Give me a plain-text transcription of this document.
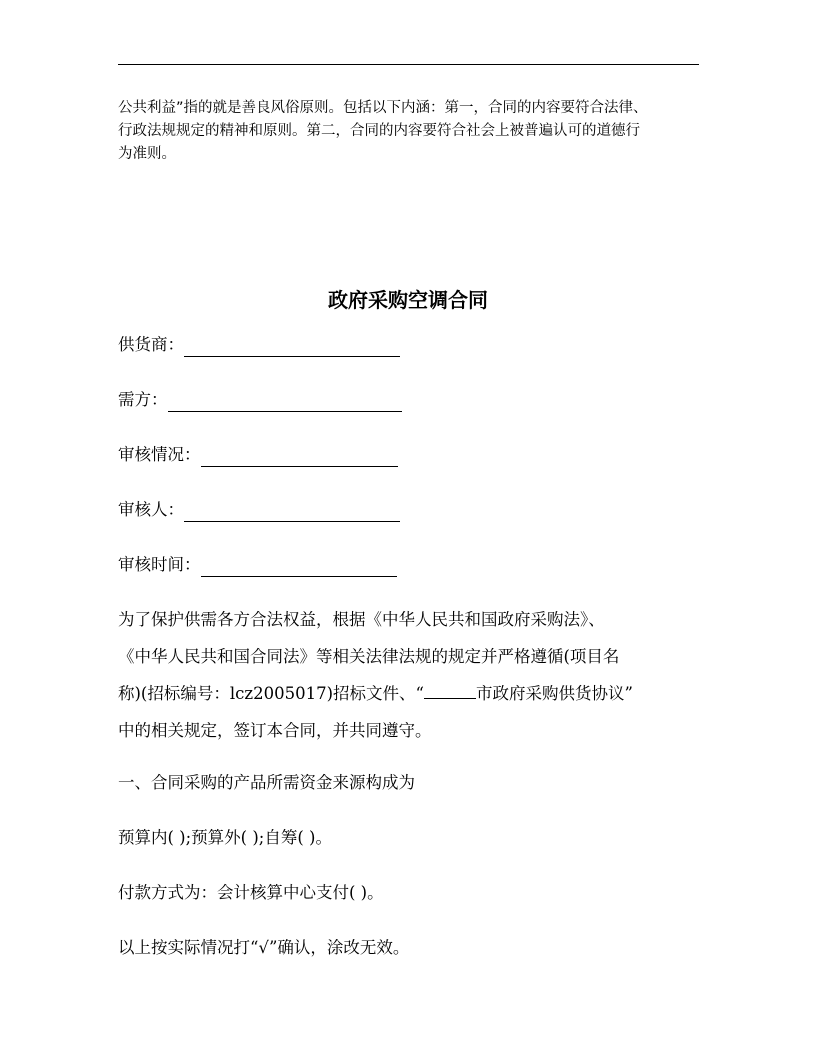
公共利益”指的就是善良风俗原则。包括以下内涵：第一，合同的内容要符合法律、

行政法规规定的精神和原则。第二，合同的内容要符合社会上被普遍认可的道德行

为准则。

政府采购空调合同
供货商：
需方：
审核情况：
审核人：
审核时间：

为了保护供需各方合法权益，根据《中华人民共和国政府采购法》、

《中华人民共和国合同法》等相关法律法规的规定并严格遵循(项目名

称)(招标编号：lcz2005017)招标文件、“	市政府采购供货协议”

中的相关规定，签订本合同，并共同遵守。

一、合同采购的产品所需资金来源构成为
预算内( );预算外( );自筹( )。
付款方式为：会计核算中心支付( )。
以上按实际情况打“√”确认，涂改无效。
